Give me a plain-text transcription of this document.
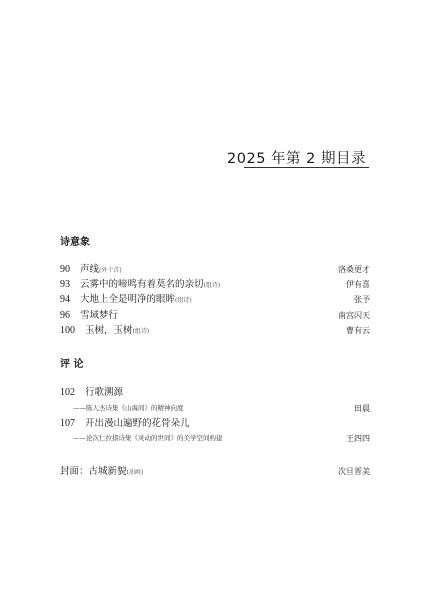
2025 年第 2 期目录
诗意象
90 声线(外十首)	洛桑更才
93 云雾中的啼鸣有着莫名的亲切(组诗)	伊有喜
94 大地上全是明净的眼眸(组诗)	张予
96 雪域梦行	南宫闪天
100 玉树，玉树(组诗)	曹有云
评 论
102 行歌溯源
——陈人杰诗集《山海间》的精神向度	田晨
107 开出漫山遍野的花骨朵儿
——论次仁拉措诗集《灵动的世间》的美学空间构建	王四四
封面：古城新貌(油画)	次旦晋美
